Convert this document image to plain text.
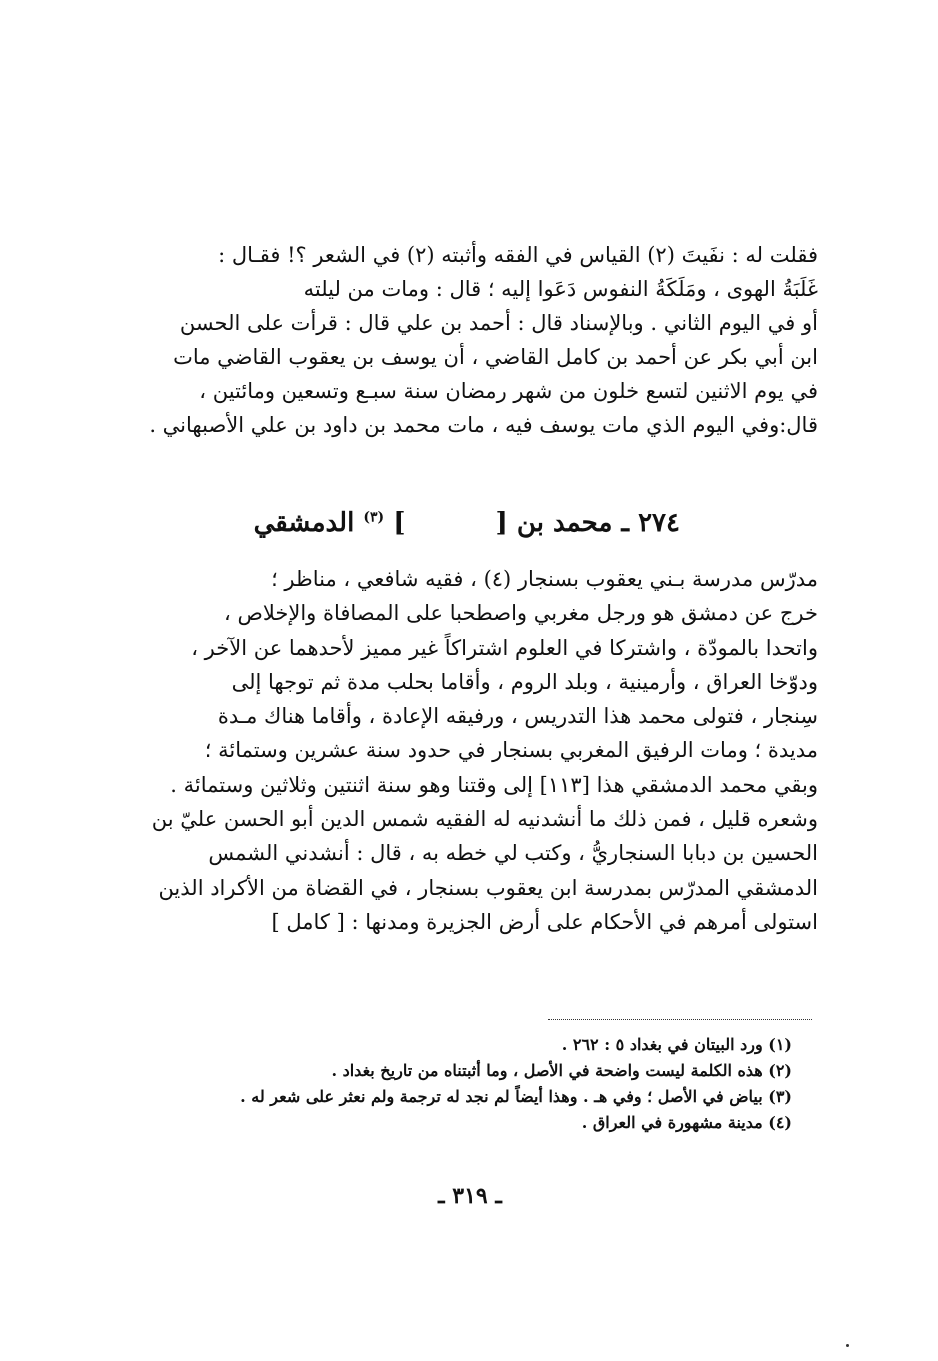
فقلت له : نفَيتَ (٢) القياس في الفقه وأثبته (٢) في الشعر ؟! فقـال :
غَلَبَةُ الهوى ، ومَلَكَةُ النفوس دَعَوا إليه ؛ قال : ومات من ليلته
أو في اليوم الثاني . وبالإسناد قال : أحمد بن علي قال : قرأت على الحسن
ابن أبي بكر عن أحمد بن كامل القاضي ، أن يوسف بن يعقوب القاضي مات
في يوم الاثنين لتسع خلون من شهر رمضان سنة سبـع وتسعين ومائتين ،
قال:وفي اليوم الذي مات يوسف فيه ، مات محمد بن داود بن علي الأصبهاني .
٢٧٤ ـ محمد بن [] $^{(٣)}$ الدمشقي
مدرّس مدرسة بـني يعقوب بسنجار (٤) ، فقيه شافعي ، مناظر ؛
خرج عن دمشق هو ورجل مغربي واصطحبا على المصافاة والإخلاص ،
واتحدا بالمودّة ، واشتركا في العلوم اشتراكاً غير مميز لأحدهما عن الآخر ،
ودوّخا العراق ، وأرمينية ، وبلد الروم ، وأقاما بحلب مدة ثم توجها إلى
سِنجار ، فتولى محمد هذا التدريس ، ورفيقه الإعادة ، وأقاما هناك مـدة
مديدة ؛ ومات الرفيق المغربي بسنجار في حدود سنة عشرين وستمائة ؛
وبقي محمد الدمشقي هذا [١١٣] إلى وقتنا وهو سنة اثنتين وثلاثين وستمائة .
وشعره قليل ، فمن ذلك ما أنشدنيه له الفقيه شمس الدين أبو الحسن عليّ بن
الحسين بن دبابا السنجاريُّ ، وكتب لي خطه به ، قال : أنشدني الشمس
الدمشقي المدرّس بمدرسة ابن يعقوب بسنجار ، في القضاة من الأكراد الذين
استولى أمرهم في الأحكام على أرض الجزيرة ومدنها : [ كامل ]
(١) ورد البيتان في بغداد ٥ : ٢٦٢ .
(٢) هذه الكلمة ليست واضحة في الأصل ، وما أثبتناه من تاريخ بغداد .
(٣) بياض في الأصل ؛ وفي هـ . وهذا أيضاً لم نجد له ترجمة ولم نعثر على شعر له .
(٤) مدينة مشهورة في العراق .
ـ ٣١٩ ـ
